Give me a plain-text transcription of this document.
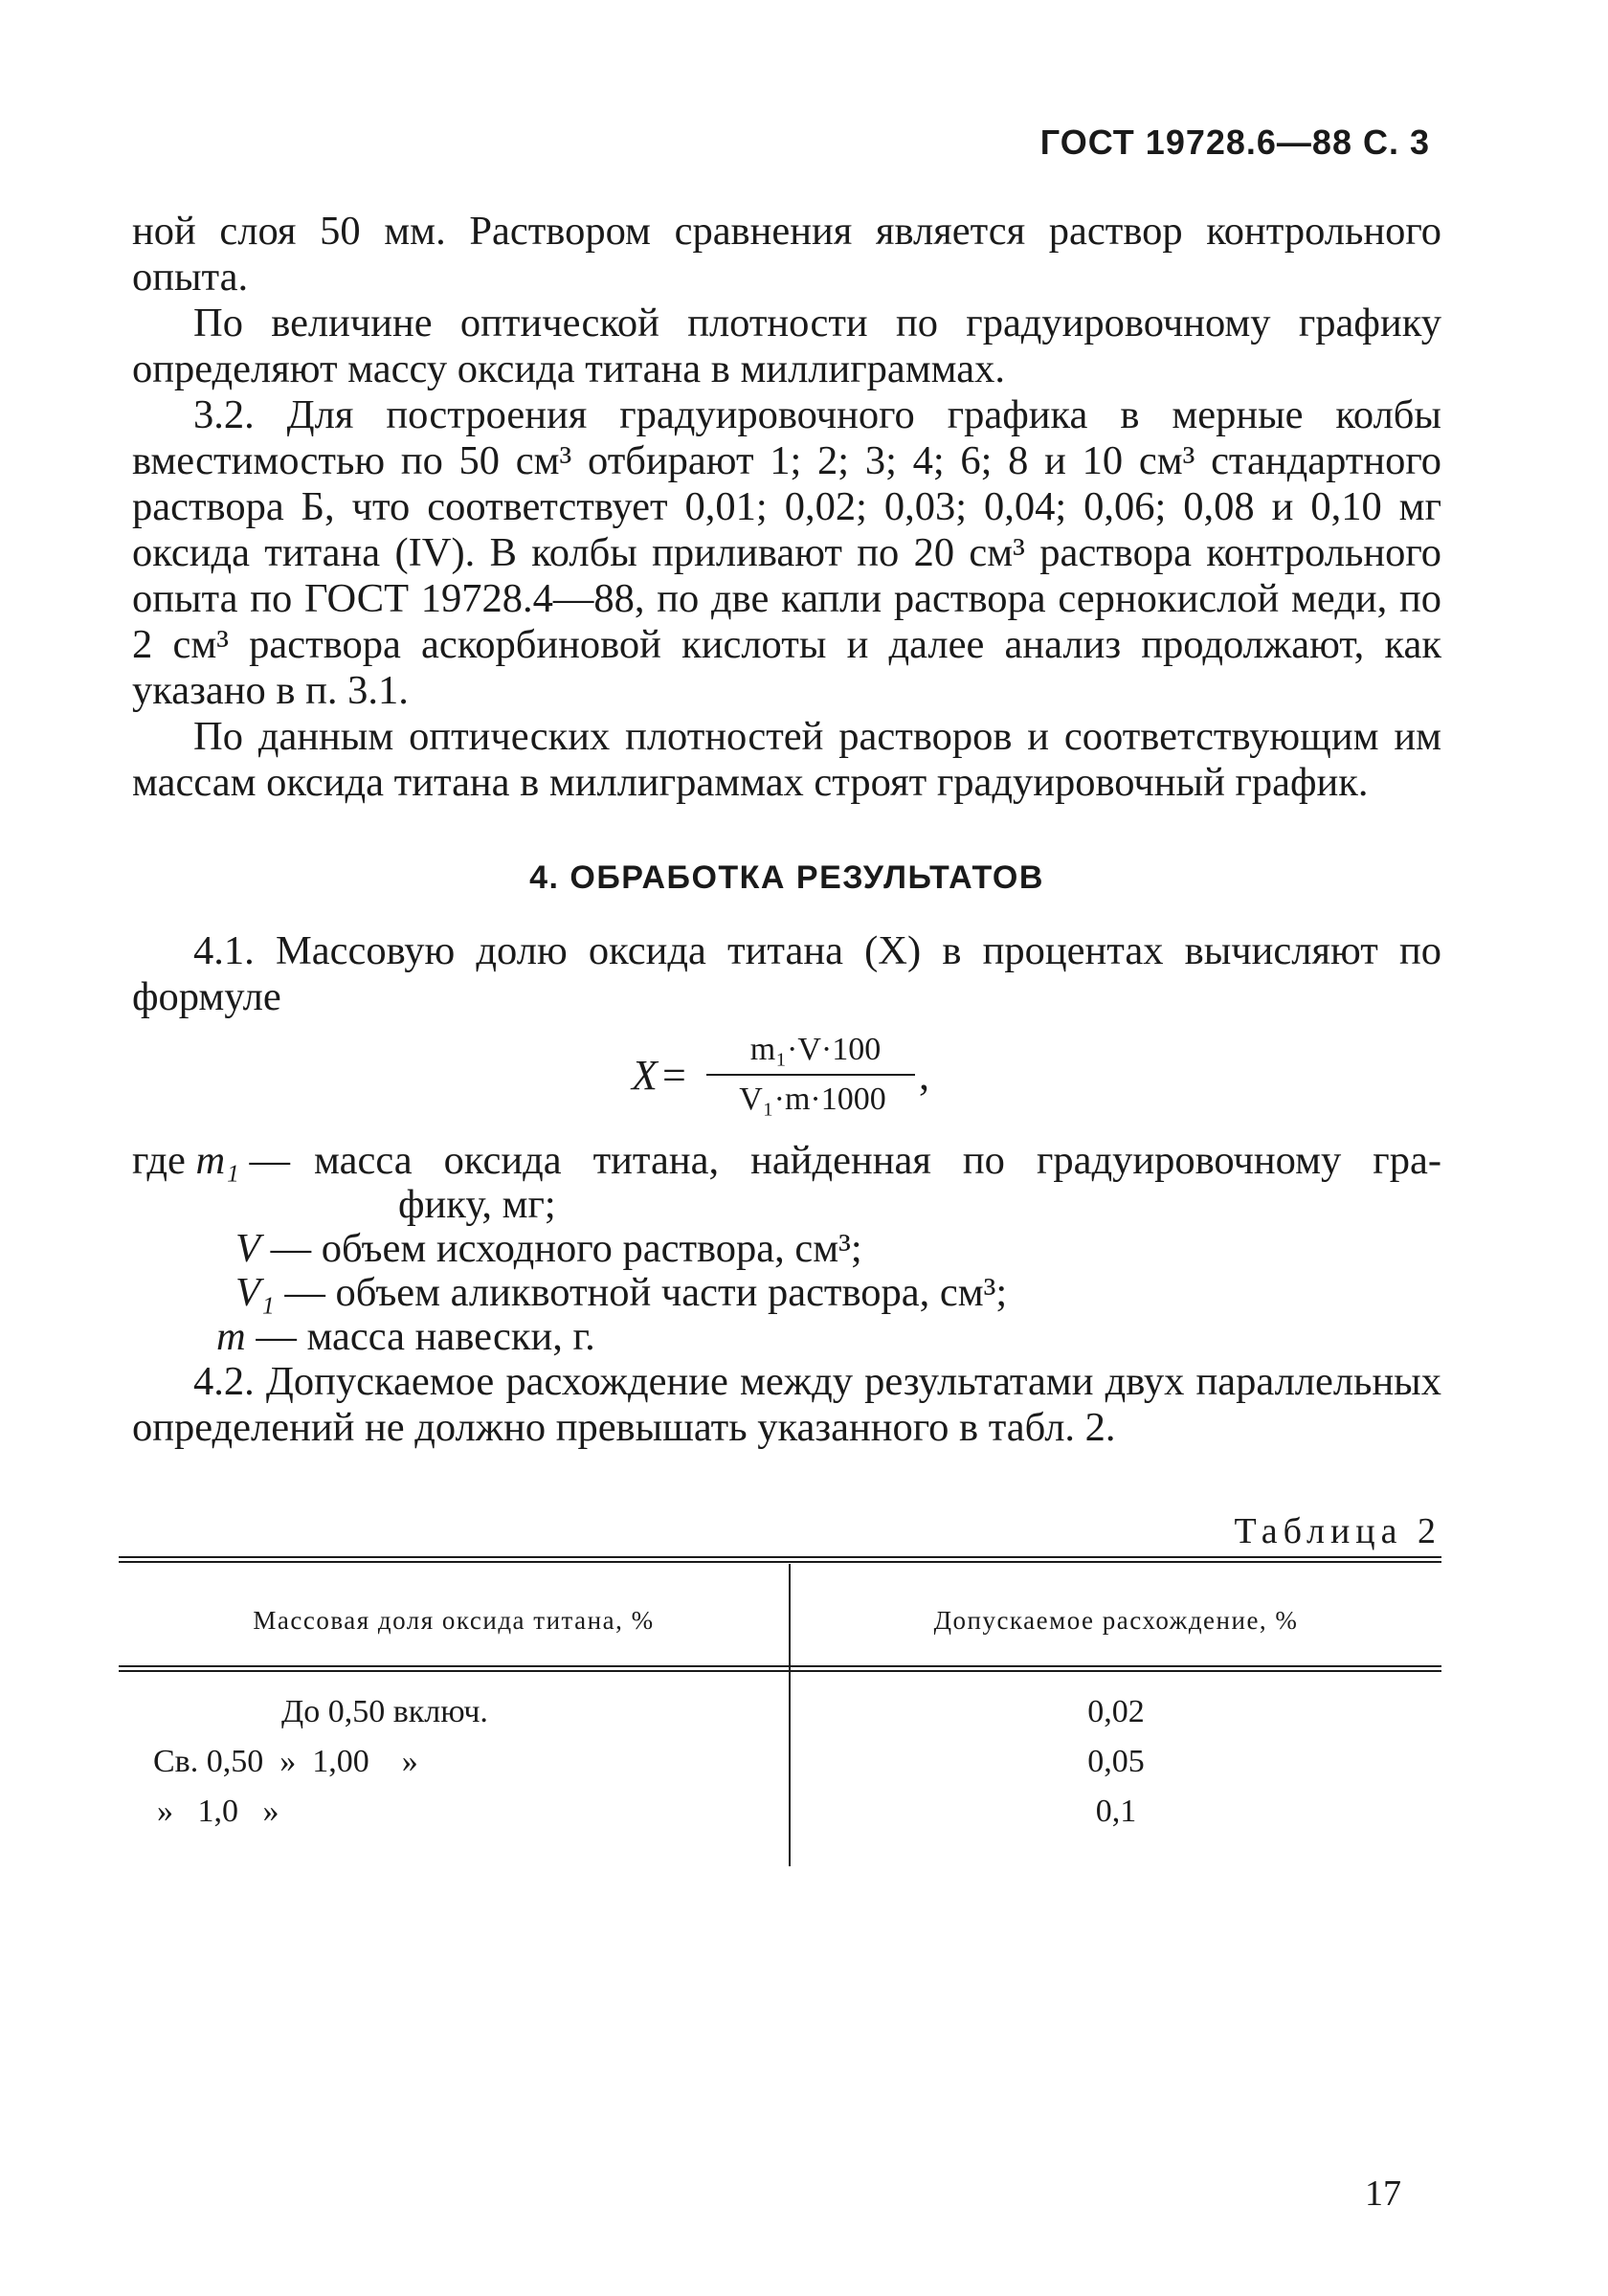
ГОСТ 19728.6—88 С. 3

ной слоя 50 мм. Раствором сравнения является раствор контрольного опыта.

По величине оптической плотности по градуировочному графику определяют массу оксида титана в миллиграммах.

3.2. Для построения градуировочного графика в мерные колбы вместимостью по 50 см³ отбирают 1; 2; 3; 4; 6; 8 и 10 см³ стандартного раствора Б, что соответствует 0,01; 0,02; 0,03; 0,04; 0,06; 0,08 и 0,10 мг оксида титана (IV). В колбы приливают по 20 см³ раствора контрольного опыта по ГОСТ 19728.4—88, по две капли раствора сернокислой меди, по 2 см³ раствора аскорбиновой кислоты и далее анализ продолжают, как указано в п. 3.1.

По данным оптических плотностей растворов и соответствующим им массам оксида титана в миллиграммах строят градуировочный график.

4. ОБРАБОТКА РЕЗУЛЬТАТОВ

4.1. Массовую долю оксида титана (X) в процентах вычисляют по формуле

X =
m₁·V·100
V₁·m·1000
,
где m₁ — масса оксида титана, найденная по градуировочному гра-
фику, мг;
V — объем исходного раствора, см³;
V₁ — объем аликвотной части раствора, см³;
m — масса навески, г.

4.2. Допускаемое расхождение между результатами двух параллельных определений не должно превышать указанного в табл. 2.

Таблица 2
Массовая доля оксида титана, %	Допускаемое расхождение, %
До 0,50 включ.	0,02
Св. 0,50  »  1,00    »	0,05
»   1,0   »	0,1
17
